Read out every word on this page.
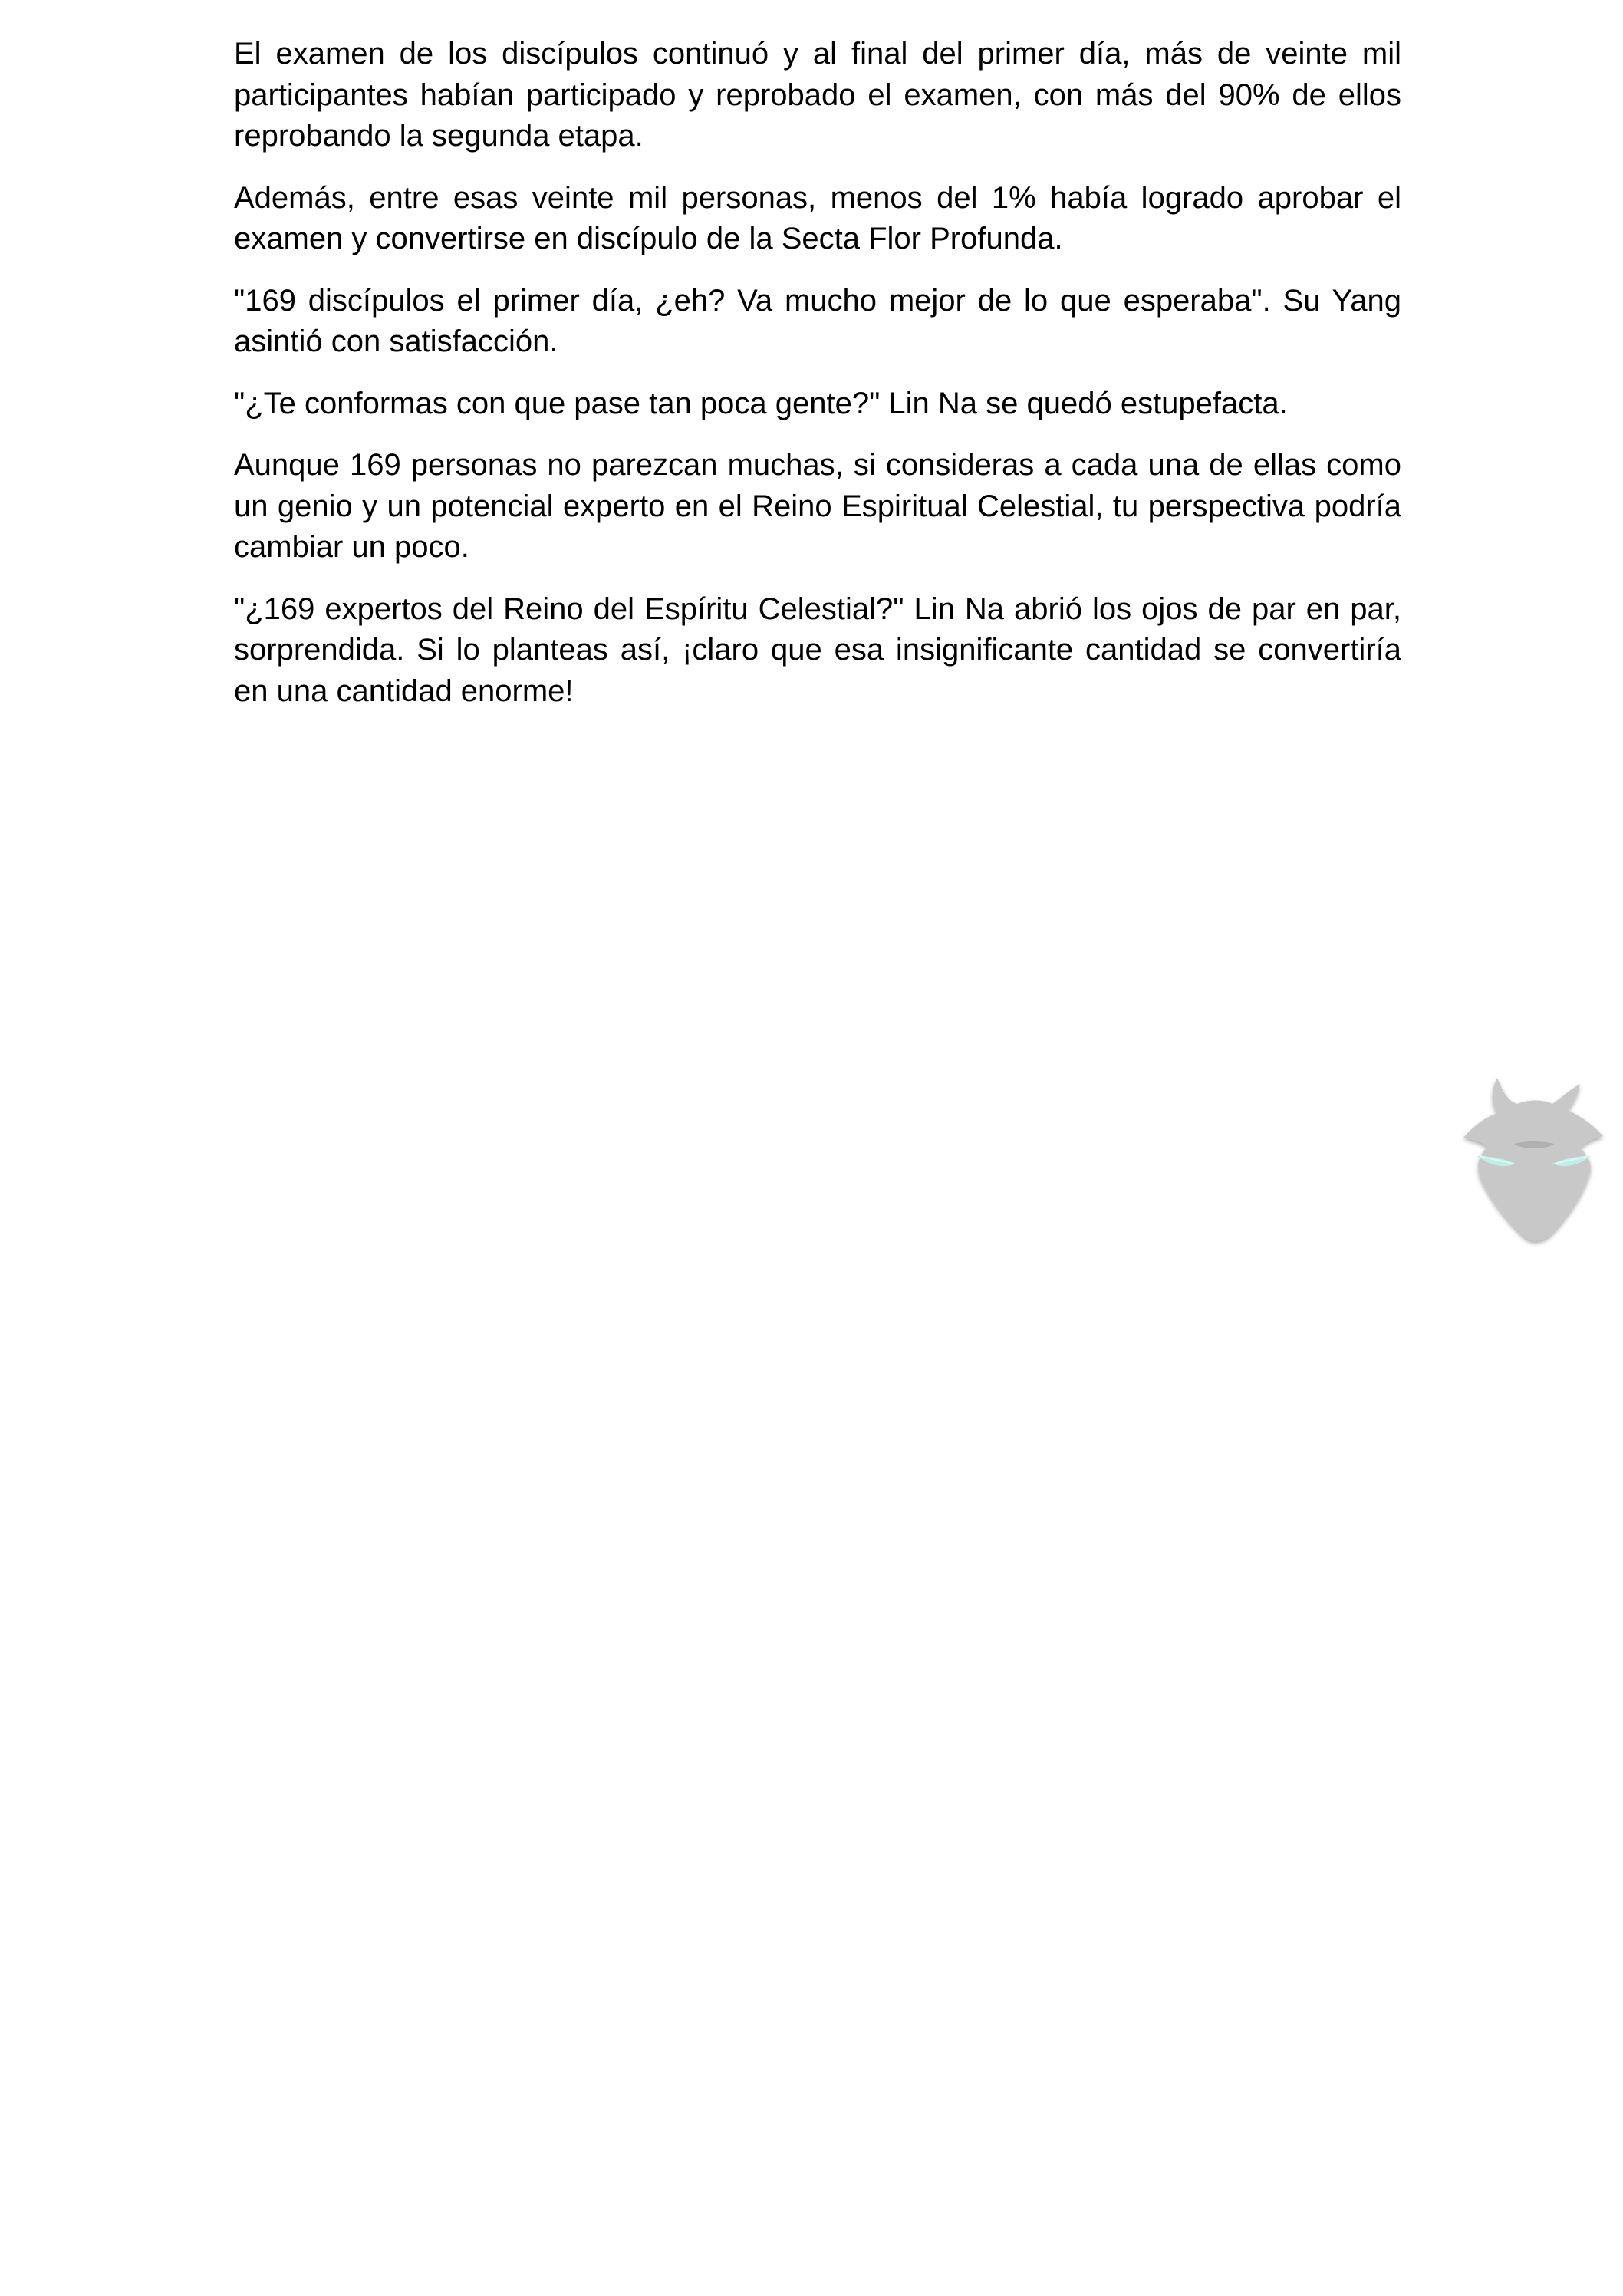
El examen de los discípulos continuó y al final del primer día, más de veinte mil participantes habían participado y reprobado el examen, con más del 90% de ellos reprobando la segunda etapa.

Además, entre esas veinte mil personas, menos del 1% había logrado aprobar el examen y convertirse en discípulo de la Secta Flor Profunda.

"169 discípulos el primer día, ¿eh? Va mucho mejor de lo que esperaba". Su Yang asintió con satisfacción.

"¿Te conformas con que pase tan poca gente?" Lin Na se quedó estupefacta.

Aunque 169 personas no parezcan muchas, si consideras a cada una de ellas como un genio y un potencial experto en el Reino Espiritual Celestial, tu perspectiva podría cambiar un poco.

"¿169 expertos del Reino del Espíritu Celestial?" Lin Na abrió los ojos de par en par, sorprendida. Si lo planteas así, ¡claro que esa insignificante cantidad se convertiría en una cantidad enorme!
